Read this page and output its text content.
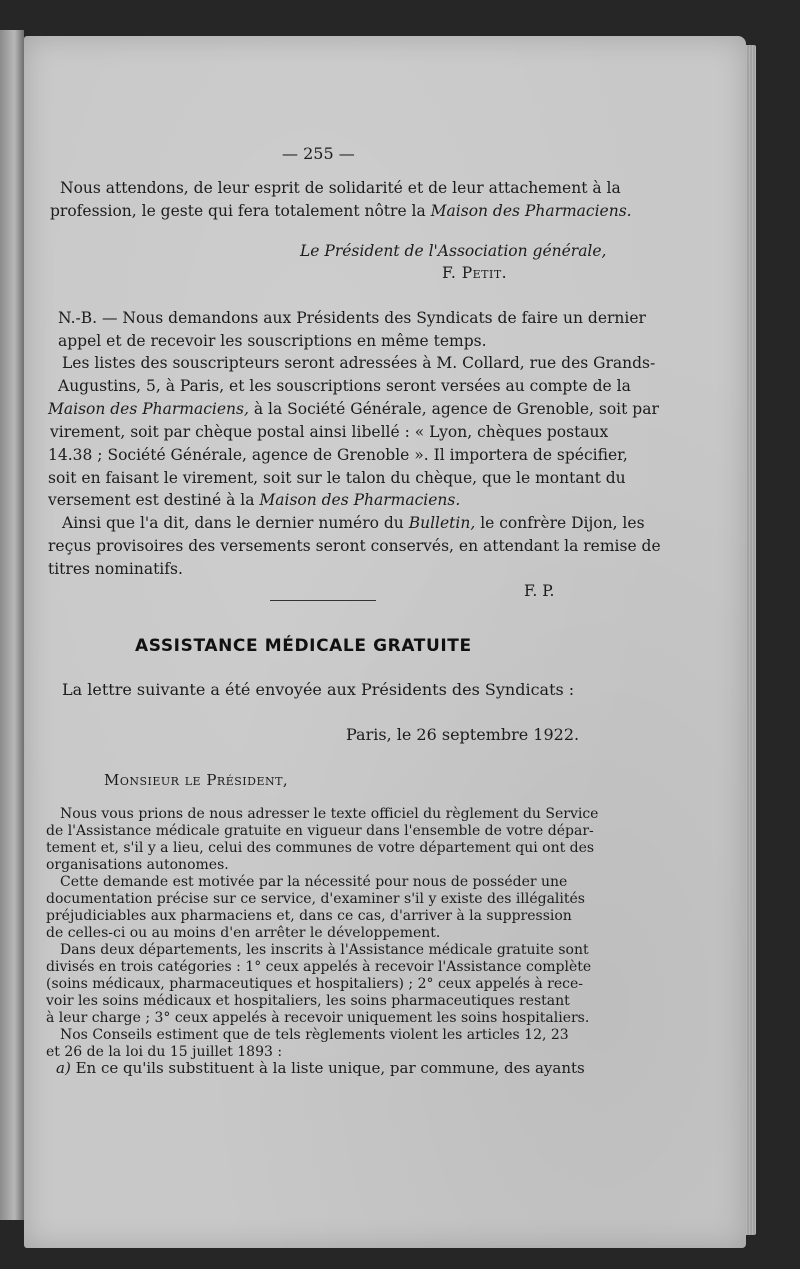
— 255 —
Nous attendons, de leur esprit de solidarité et de leur attachement à la
profession, le geste qui fera totalement nôtre la Maison des Pharmaciens.
Le Président de l'Association générale,
F. Petit.
N.-B. — Nous demandons aux Présidents des Syndicats de faire un dernier
appel et de recevoir les souscriptions en même temps.
Les listes des souscripteurs seront adressées à M. Collard, rue des Grands-
Augustins, 5, à Paris, et les souscriptions seront versées au compte de la
Maison des Pharmaciens, à la Société Générale, agence de Grenoble, soit par
virement, soit par chèque postal ainsi libellé : « Lyon, chèques postaux
14.38 ; Société Générale, agence de Grenoble ». Il importera de spécifier,
soit en faisant le virement, soit sur le talon du chèque, que le montant du
versement est destiné à la Maison des Pharmaciens.
Ainsi que l'a dit, dans le dernier numéro du Bulletin, le confrère Dijon, les
reçus provisoires des versements seront conservés, en attendant la remise de
titres nominatifs.
F. P.
ASSISTANCE MÉDICALE GRATUITE
La lettre suivante a été envoyée aux Présidents des Syndicats :
Paris, le 26 septembre 1922.
Monsieur le Président,
Nous vous prions de nous adresser le texte officiel du règlement du Service
de l'Assistance médicale gratuite en vigueur dans l'ensemble de votre dépar-
tement et, s'il y a lieu, celui des communes de votre département qui ont des
organisations autonomes.
Cette demande est motivée par la nécessité pour nous de posséder une
documentation précise sur ce service, d'examiner s'il y existe des illégalités
préjudiciables aux pharmaciens et, dans ce cas, d'arriver à la suppression
de celles-ci ou au moins d'en arrêter le développement.
Dans deux départements, les inscrits à l'Assistance médicale gratuite sont
divisés en trois catégories : 1° ceux appelés à recevoir l'Assistance complète
(soins médicaux, pharmaceutiques et hospitaliers) ; 2° ceux appelés à rece-
voir les soins médicaux et hospitaliers, les soins pharmaceutiques restant
à leur charge ; 3° ceux appelés à recevoir uniquement les soins hospitaliers.
Nos Conseils estiment que de tels règlements violent les articles 12, 23
et 26 de la loi du 15 juillet 1893 :
a) En ce qu'ils substituent à la liste unique, par commune, des ayants
